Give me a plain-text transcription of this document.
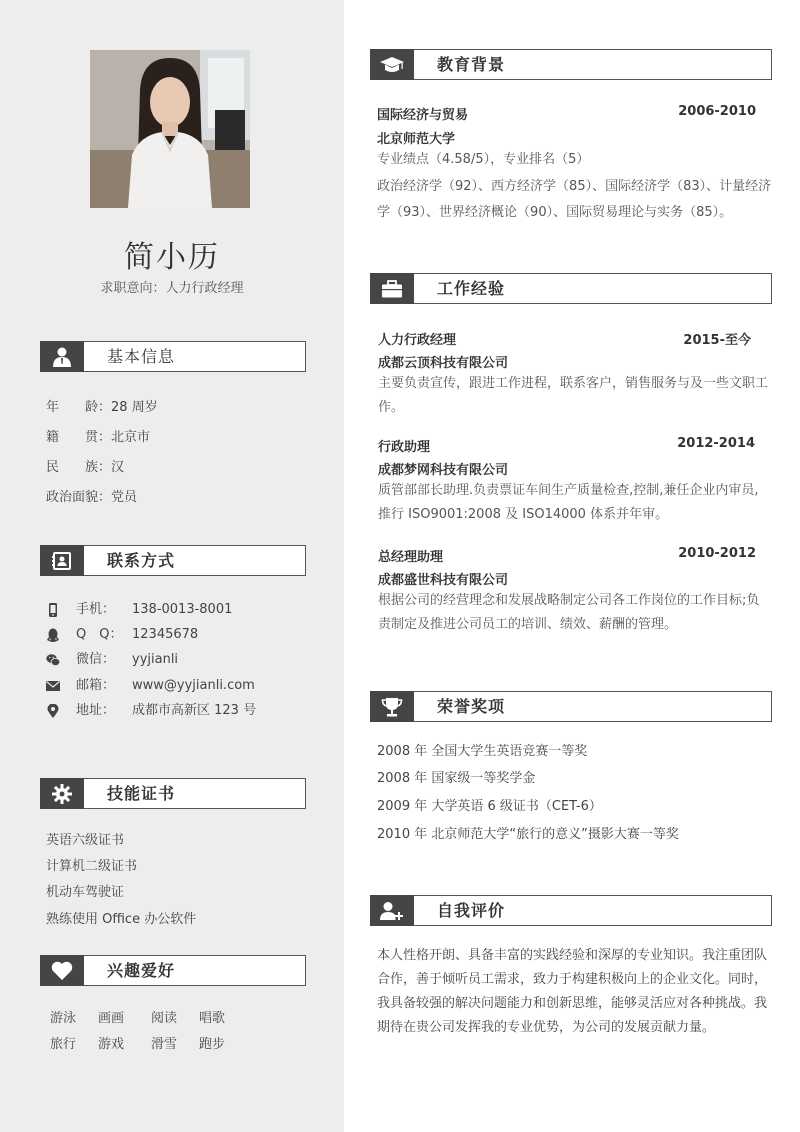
简小历
求职意向：人力行政经理
基本信息
年　　龄：28 周岁
籍　　贯：北京市
民　　族：汉
政治面貌：党员
联系方式
手机： 138-0013-8001
Q　Q： 12345678
微信： yyjianli
邮箱： www@yyjianli.com
地址： 成都市高新区 123 号
技能证书
英语六级证书
计算机二级证书
机动车驾驶证
熟练使用 Office 办公软件
兴趣爱好
游泳 画画 阅读 唱歌
旅行 游戏 滑雪 跑步
教育背景
国际经济与贸易	2006-2010
北京师范大学
专业绩点（4.58/5），专业排名（5）
政治经济学（92）、西方经济学（85）、国际经济学（83）、计量经济学（93）、世界经济概论（90）、国际贸易理论与实务（85）。
工作经验
人力行政经理	2015-至今
成都云顶科技有限公司
主要负责宣传，跟进工作进程，联系客户，销售服务与及一些文职工作。
行政助理	2012-2014
成都梦网科技有限公司
质管部部长助理.负责票证车间生产质量检查,控制,兼任企业内审员,推行 ISO9001:2008 及 ISO14000 体系并年审。
总经理助理	2010-2012
成都盛世科技有限公司
根据公司的经营理念和发展战略制定公司各工作岗位的工作目标;负责制定及推进公司员工的培训、绩效、薪酬的管理。
荣誉奖项
2008 年 全国大学生英语竞赛一等奖
2008 年 国家级一等奖学金
2009 年 大学英语 6 级证书（CET-6）
2010 年 北京师范大学“旅行的意义”摄影大赛一等奖
自我评价
本人性格开朗、具备丰富的实践经验和深厚的专业知识。我注重团队合作，善于倾听员工需求，致力于构建积极向上的企业文化。同时，我具备较强的解决问题能力和创新思维，能够灵活应对各种挑战。我期待在贵公司发挥我的专业优势，为公司的发展贡献力量。
